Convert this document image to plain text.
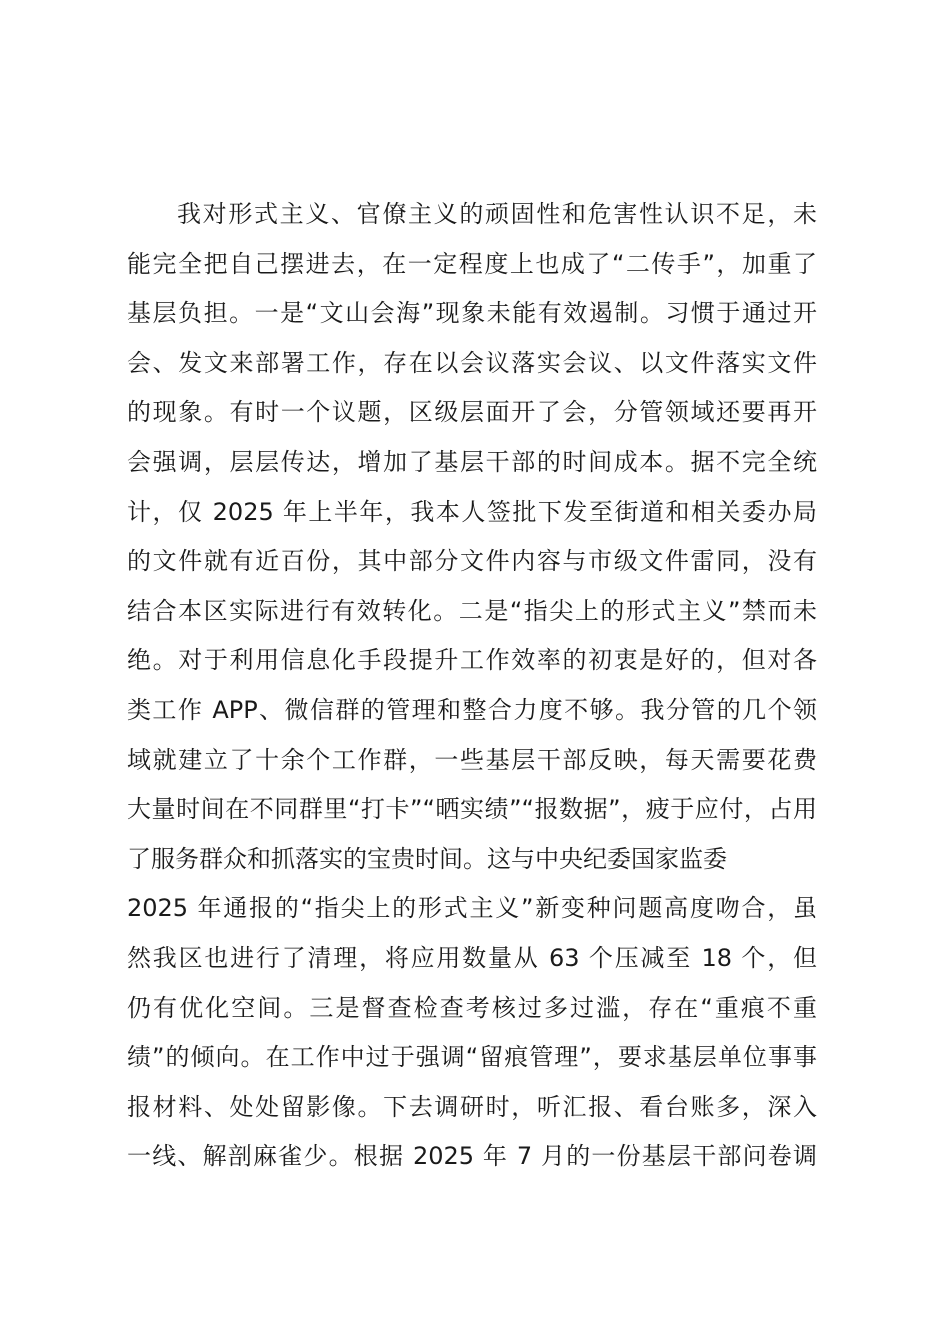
我对形式主义、官僚主义的顽固性和危害性认识不足，未
能完全把自己摆进去，在一定程度上也成了“二传手”，加重了
基层负担。一是“文山会海”现象未能有效遏制。习惯于通过开
会、发文来部署工作，存在以会议落实会议、以文件落实文件
的现象。有时一个议题，区级层面开了会，分管领域还要再开
会强调，层层传达，增加了基层干部的时间成本。据不完全统
计，仅 2025 年上半年，我本人签批下发至街道和相关委办局
的文件就有近百份，其中部分文件内容与市级文件雷同，没有
结合本区实际进行有效转化。二是“指尖上的形式主义”禁而未
绝。对于利用信息化手段提升工作效率的初衷是好的，但对各
类工作 APP、微信群的管理和整合力度不够。我分管的几个领
域就建立了十余个工作群，一些基层干部反映，每天需要花费
大量时间在不同群里“打卡”“晒实绩”“报数据”，疲于应付，占用
了服务群众和抓落实的宝贵时间。这与中央纪委国家监委
2025 年通报的“指尖上的形式主义”新变种问题高度吻合，虽
然我区也进行了清理，将应用数量从 63 个压减至 18 个，但
仍有优化空间。三是督查检查考核过多过滥，存在“重痕不重
绩”的倾向。在工作中过于强调“留痕管理”，要求基层单位事事
报材料、处处留影像。下去调研时，听汇报、看台账多，深入
一线、解剖麻雀少。根据 2025 年 7 月的一份基层干部问卷调
